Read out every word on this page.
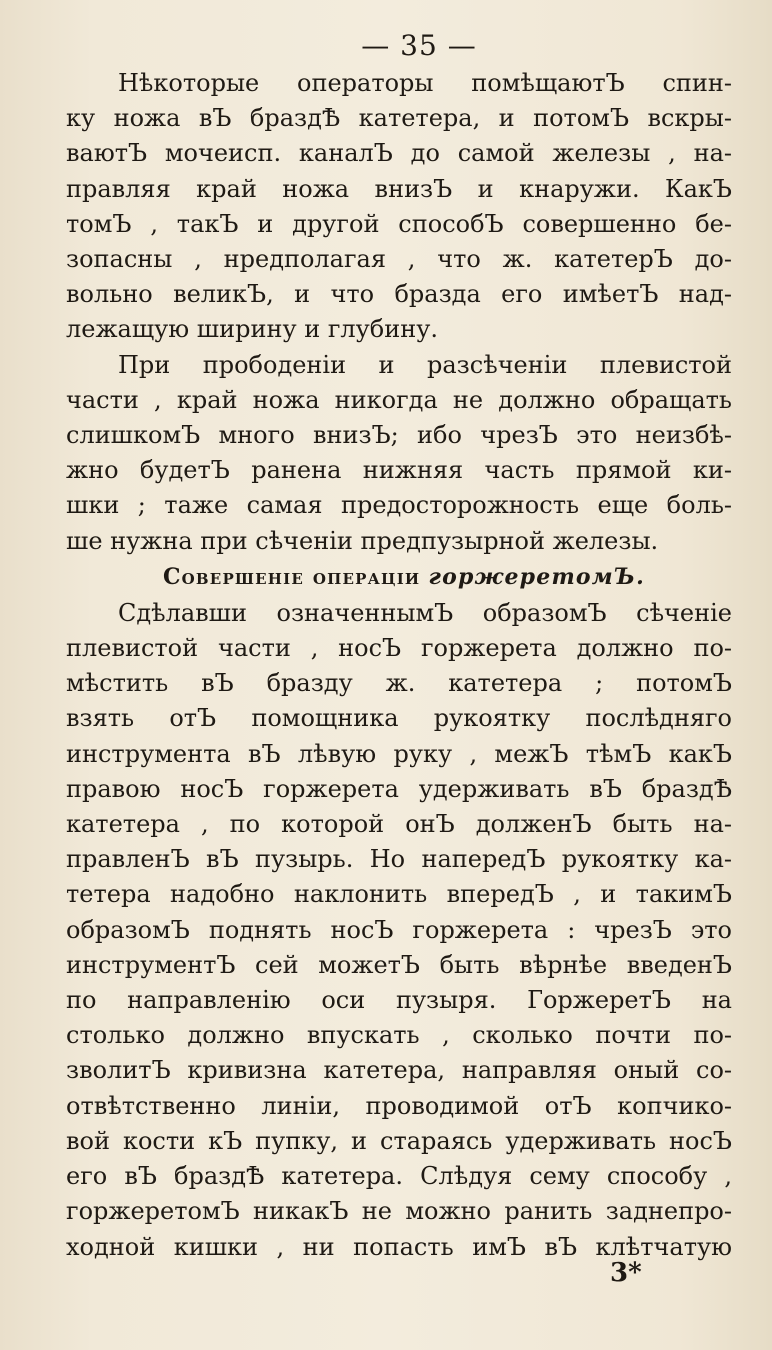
— 35 —

Нѣкоторые операторы помѣщаютЪ спин-
ку ножа вЪ браздѢ катетера, и потомЪ вскры-
ваютЪ мочеисп. каналЪ до самой железы , на-
правляя край ножа внизЪ и кнаружи. КакЪ
томЪ , такЪ и другой способЪ совершенно бе-
зопасны , нредполагая , что ж. катетерЪ до-
вольно великЪ, и что бразда его имѣетЪ над-
лежащую ширину и глубину.

При прободеніи и разсѣченіи плевистой
части , край ножа никогда не должно обращать
слишкомЪ много внизЪ; ибо чрезЪ это неизбѣ-
жно будетЪ ранена нижняя часть прямой ки-
шки ; таже самая предосторожность еще боль-
ше нужна при сѣченіи предпузырной железы.

Совершеніе операціи горжеретомЪ.

Сдѣлавши означеннымЪ образомЪ сѣченіе
плевистой части , носЪ горжерета должно по-
мѣстить вЪ бразду ж. катетера ; потомЪ
взять отЪ помощника рукоятку послѣдняго
инструмента вЪ лѣвую руку , межЪ тѣмЪ какЪ
правою носЪ горжерета удерживать вЪ браздѢ
катетера , по которой онЪ долженЪ быть на-
правленЪ вЪ пузырь. Но напередЪ рукоятку ка-
тетера надобно наклонить впередЪ , и такимЪ
образомЪ поднять носЪ горжерета : чрезЪ это
инструментЪ сей можетЪ быть вѣрнѣе введенЪ
по направленію оси пузыря. ГоржеретЪ на
столько должно впускать , сколько почти по-
зволитЪ кривизна катетера, направляя оный со-
отвѣтственно линіи, проводимой отЪ копчико-
вой кости кЪ пупку, и стараясь удерживать носЪ
его вЪ браздѢ катетера. Слѣдуя сему способу ,
горжеретомЪ никакЪ не можно ранить заднепро-
ходной кишки , ни попасть имЪ вЪ клѣтчатую

3*
